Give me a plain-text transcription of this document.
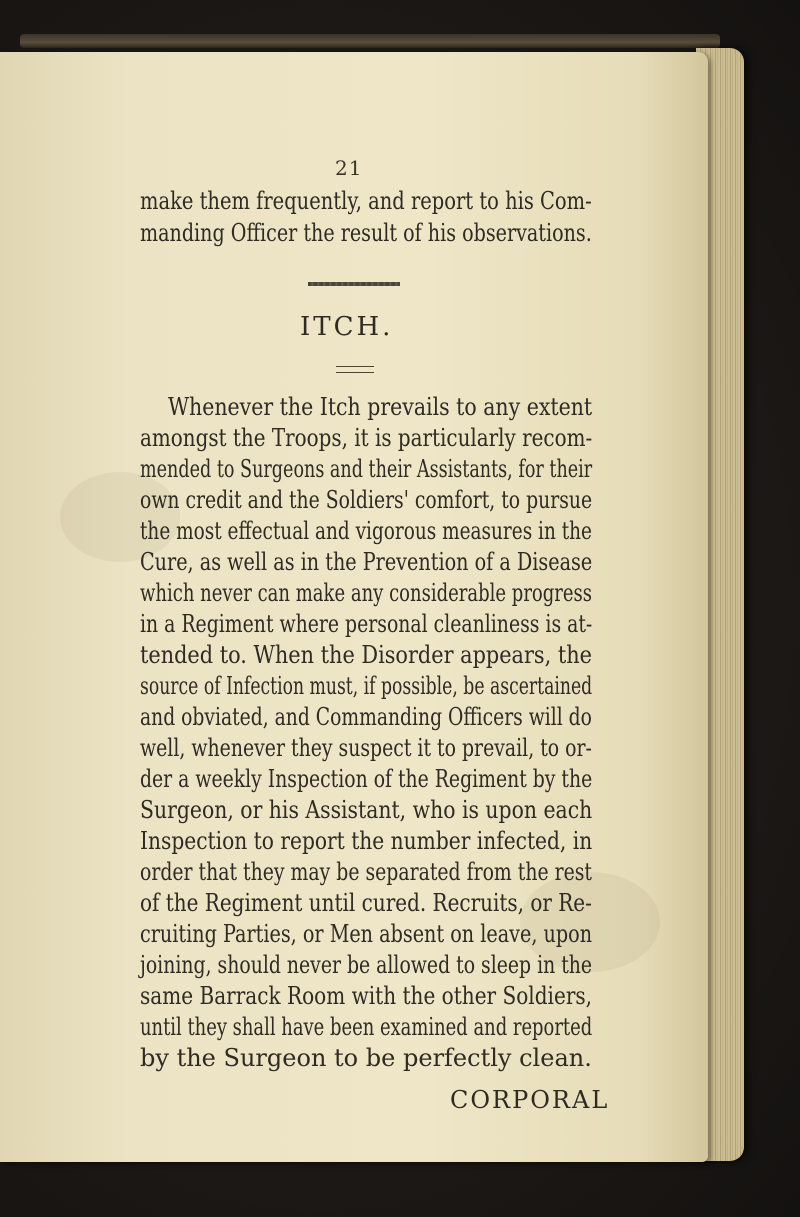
21
make them frequently, and report to his Com-
manding Officer the result of his observations.
ITCH.
Whenever the Itch prevails to any extent
amongst the Troops, it is particularly recom-
mended to Surgeons and their Assistants, for their
own credit and the Soldiers' comfort, to pursue
the most effectual and vigorous measures in the
Cure, as well as in the Prevention of a Disease
which never can make any considerable progress
in a Regiment where personal cleanliness is at-
tended to. When the Disorder appears, the
source of Infection must, if possible, be ascertained
and obviated, and Commanding Officers will do
well, whenever they suspect it to prevail, to or-
der a weekly Inspection of the Regiment by the
Surgeon, or his Assistant, who is upon each
Inspection to report the number infected, in
order that they may be separated from the rest
of the Regiment until cured. Recruits, or Re-
cruiting Parties, or Men absent on leave, upon
joining, should never be allowed to sleep in the
same Barrack Room with the other Soldiers,
until they shall have been examined and reported
by the Surgeon to be perfectly clean.
CORPORAL
